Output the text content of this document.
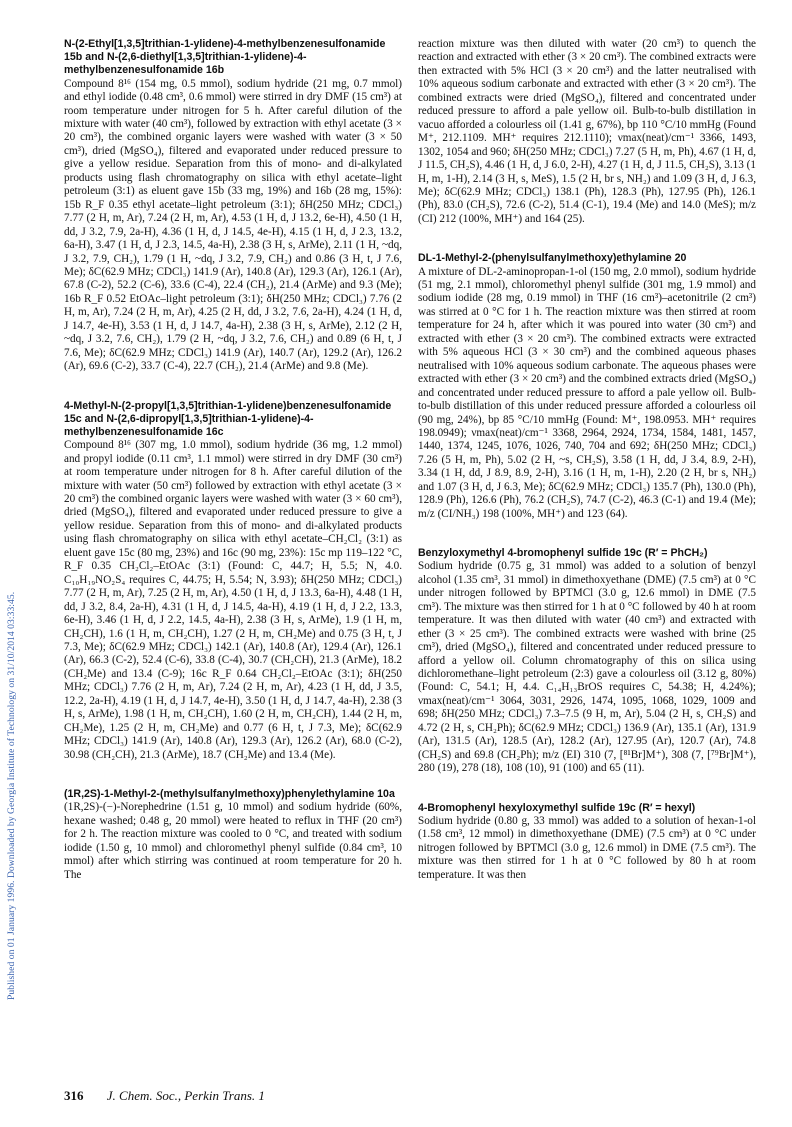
Published on 01 January 1996. Downloaded by Georgia Institute of Technology on 31/10/2014 03:33:45.

N-(2-Ethyl[1,3,5]trithian-1-ylidene)-4-methylbenzenesulfonamide 15b and N-(2,6-diethyl[1,3,5]trithian-1-ylidene)-4-methylbenzenesulfonamide 16b

Compound 8¹⁶ (154 mg, 0.5 mmol), sodium hydride (21 mg, 0.7 mmol) and ethyl iodide (0.48 cm³, 0.6 mmol) were stirred in dry DMF (15 cm³) at room temperature under nitrogen for 5 h. After careful dilution of the mixture with water (40 cm³), followed by extraction with ethyl acetate (3 × 20 cm³), the combined organic layers were washed with water (3 × 50 cm³), dried (MgSO₄), filtered and evaporated under reduced pressure to give a yellow residue. Separation from this of mono- and di-alkylated products using flash chromatography on silica with ethyl acetate–light petroleum (3:1) as eluent gave 15b (33 mg, 19%) and 16b (28 mg, 15%): 15b R_F 0.35 ethyl acetate–light petroleum (3:1); δH(250 MHz; CDCl₃) 7.77 (2 H, m, Ar), 7.24 (2 H, m, Ar), 4.53 (1 H, d, J 13.2, 6e-H), 4.50 (1 H, dd, J 3.2, 7.9, 2a-H), 4.36 (1 H, d, J 14.5, 4e-H), 4.15 (1 H, d, J 2.3, 13.2, 6a-H), 3.47 (1 H, d, J 2.3, 14.5, 4a-H), 2.38 (3 H, s, ArMe), 2.11 (1 H, ~dq, J 3.2, 7.9, CH₂), 1.79 (1 H, ~dq, J 3.2, 7.9, CH₂) and 0.86 (3 H, t, J 7.6, Me); δC(62.9 MHz; CDCl₃) 141.9 (Ar), 140.8 (Ar), 129.3 (Ar), 126.1 (Ar), 67.8 (C-2), 52.2 (C-6), 33.6 (C-4), 22.4 (CH₂), 21.4 (ArMe) and 9.3 (Me); 16b R_F 0.52 EtOAc–light petroleum (3:1); δH(250 MHz; CDCl₃) 7.76 (2 H, m, Ar), 7.24 (2 H, m, Ar), 4.25 (2 H, dd, J 3.2, 7.6, 2a-H), 4.24 (1 H, d, J 14.7, 4e-H), 3.53 (1 H, d, J 14.7, 4a-H), 2.38 (3 H, s, ArMe), 2.12 (2 H, ~dq, J 3.2, 7.6, CH₂), 1.79 (2 H, ~dq, J 3.2, 7.6, CH₂) and 0.89 (6 H, t, J 7.6, Me); δC(62.9 MHz; CDCl₃) 141.9 (Ar), 140.7 (Ar), 129.2 (Ar), 126.2 (Ar), 69.6 (C-2), 33.7 (C-4), 22.7 (CH₂), 21.4 (ArMe) and 9.8 (Me).

4-Methyl-N-(2-propyl[1,3,5]trithian-1-ylidene)benzenesulfonamide 15c and N-(2,6-dipropyl[1,3,5]trithian-1-ylidene)-4-methylbenzenesulfonamide 16c

Compound 8¹⁶ (307 mg, 1.0 mmol), sodium hydride (36 mg, 1.2 mmol) and propyl iodide (0.11 cm³, 1.1 mmol) were stirred in dry DMF (30 cm³) at room temperature under nitrogen for 8 h. After careful dilution of the mixture with water (50 cm³) followed by extraction with ethyl acetate (3 × 20 cm³) the combined organic layers were washed with water (3 × 60 cm³), dried (MgSO₄), filtered and evaporated under reduced pressure to give a yellow residue. Separation from this of mono- and di-alkylated products using flash chromatography on silica with ethyl acetate–CH₂Cl₂ (3:1) as eluent gave 15c (80 mg, 23%) and 16c (90 mg, 23%): 15c mp 119–122 °C, R_F 0.35 CH₂Cl₂–EtOAc (3:1) (Found: C, 44.7; H, 5.5; N, 4.0. C₁₀H₁₉NO₂S₄ requires C, 44.75; H, 5.54; N, 3.93); δH(250 MHz; CDCl₃) 7.77 (2 H, m, Ar), 7.25 (2 H, m, Ar), 4.50 (1 H, d, J 13.3, 6a-H), 4.48 (1 H, dd, J 3.2, 8.4, 2a-H), 4.31 (1 H, d, J 14.5, 4a-H), 4.19 (1 H, d, J 2.2, 13.3, 6e-H), 3.46 (1 H, d, J 2.2, 14.5, 4a-H), 2.38 (3 H, s, ArMe), 1.9 (1 H, m, CH₂CH), 1.6 (1 H, m, CH₂CH), 1.27 (2 H, m, CH₂Me) and 0.75 (3 H, t, J 7.3, Me); δC(62.9 MHz; CDCl₃) 142.1 (Ar), 140.8 (Ar), 129.4 (Ar), 126.1 (Ar), 66.3 (C-2), 52.4 (C-6), 33.8 (C-4), 30.7 (CH₂CH), 21.3 (ArMe), 18.2 (CH₂Me) and 13.4 (C-9); 16c R_F 0.64 CH₂Cl₂–EtOAc (3:1); δH(250 MHz; CDCl₃) 7.76 (2 H, m, Ar), 7.24 (2 H, m, Ar), 4.23 (1 H, dd, J 3.5, 12.2, 2a-H), 4.19 (1 H, d, J 14.7, 4e-H), 3.50 (1 H, d, J 14.7, 4a-H), 2.38 (3 H, s, ArMe), 1.98 (1 H, m, CH₂CH), 1.60 (2 H, m, CH₂CH), 1.44 (2 H, m, CH₂Me), 1.25 (2 H, m, CH₂Me) and 0.77 (6 H, t, J 7.3, Me); δC(62.9 MHz; CDCl₃) 141.9 (Ar), 140.8 (Ar), 129.3 (Ar), 126.2 (Ar), 68.0 (C-2), 30.98 (CH₂CH), 21.3 (ArMe), 18.7 (CH₂Me) and 13.4 (Me).

(1R,2S)-1-Methyl-2-(methylsulfanylmethoxy)phenylethylamine 10a

(1R,2S)-(−)-Norephedrine (1.51 g, 10 mmol) and sodium hydride (60%, hexane washed; 0.48 g, 20 mmol) were heated to reflux in THF (20 cm³) for 2 h. The reaction mixture was cooled to 0 °C, and treated with sodium iodide (1.50 g, 10 mmol) and chloromethyl phenyl sulfide (0.84 cm³, 10 mmol) after which stirring was continued at room temperature for 20 h. The

reaction mixture was then diluted with water (20 cm³) to quench the reaction and extracted with ether (3 × 20 cm³). The combined extracts were then extracted with 5% HCl (3 × 20 cm³) and the latter neutralised with 10% aqueous sodium carbonate and extracted with ether (3 × 20 cm³). The combined extracts were dried (MgSO₄), filtered and concentrated under reduced pressure to afford a pale yellow oil. Bulb-to-bulb distillation in vacuo afforded a colourless oil (1.41 g, 67%), bp 110 °C/10 mmHg (Found M⁺, 212.1109. MH⁺ requires 212.1110); νmax(neat)/cm⁻¹ 3366, 1493, 1302, 1054 and 960; δH(250 MHz; CDCl₃) 7.27 (5 H, m, Ph), 4.67 (1 H, d, J 11.5, CH₂S), 4.46 (1 H, d, J 6.0, 2-H), 4.27 (1 H, d, J 11.5, CH₂S), 3.13 (1 H, m, 1-H), 2.14 (3 H, s, MeS), 1.5 (2 H, br s, NH₂) and 1.09 (3 H, d, J 6.3, Me); δC(62.9 MHz; CDCl₃) 138.1 (Ph), 128.3 (Ph), 127.95 (Ph), 126.1 (Ph), 83.0 (CH₂S), 72.6 (C-2), 51.4 (C-1), 19.4 (Me) and 14.0 (MeS); m/z (CI) 212 (100%, MH⁺) and 164 (25).

DL-1-Methyl-2-(phenylsulfanylmethoxy)ethylamine 20

A mixture of DL-2-aminopropan-1-ol (150 mg, 2.0 mmol), sodium hydride (51 mg, 2.1 mmol), chloromethyl phenyl sulfide (301 mg, 1.9 mmol) and sodium iodide (28 mg, 0.19 mmol) in THF (16 cm³)–acetonitrile (2 cm³) was stirred at 0 °C for 1 h. The reaction mixture was then stirred at room temperature for 24 h, after which it was poured into water (30 cm³) and extracted with ether (3 × 20 cm³). The combined extracts were extracted with 5% aqueous HCl (3 × 30 cm³) and the combined aqueous phases neutralised with 10% aqueous sodium carbonate. The aqueous phases were extracted with ether (3 × 20 cm³) and the combined extracts dried (MgSO₄) and concentrated under reduced pressure to afford a pale yellow oil. Bulb-to-bulb distillation of this under reduced pressure afforded a colourless oil (90 mg, 24%), bp 85 °C/10 mmHg (Found: M⁺, 198.0953. MH⁺ requires 198.0949); νmax(neat)/cm⁻¹ 3368, 2964, 2924, 1734, 1584, 1481, 1457, 1440, 1374, 1245, 1076, 1026, 740, 704 and 692; δH(250 MHz; CDCl₃) 7.26 (5 H, m, Ph), 5.02 (2 H, ~s, CH₂S), 3.58 (1 H, dd, J 3.4, 8.9, 2-H), 3.34 (1 H, dd, J 8.9, 8.9, 2-H), 3.16 (1 H, m, 1-H), 2.20 (2 H, br s, NH₂) and 1.07 (3 H, d, J 6.3, Me); δC(62.9 MHz; CDCl₃) 135.7 (Ph), 130.0 (Ph), 128.9 (Ph), 126.6 (Ph), 76.2 (CH₂S), 74.7 (C-2), 46.3 (C-1) and 19.4 (Me); m/z (CI/NH₃) 198 (100%, MH⁺) and 123 (64).

Benzyloxymethyl 4-bromophenyl sulfide 19c (R′ = PhCH₂)

Sodium hydride (0.75 g, 31 mmol) was added to a solution of benzyl alcohol (1.35 cm³, 31 mmol) in dimethoxyethane (DME) (7.5 cm³) at 0 °C under nitrogen followed by BPTMCl (3.0 g, 12.6 mmol) in DME (7.5 cm³). The mixture was then stirred for 1 h at 0 °C followed by 40 h at room temperature. It was then diluted with water (40 cm³) and extracted with ether (3 × 25 cm³). The combined extracts were washed with brine (25 cm³), dried (MgSO₄), filtered and concentrated under reduced pressure to afford a yellow oil. Column chromatography of this on silica using dichloromethane–light petroleum (2:3) gave a colourless oil (3.12 g, 80%) (Found: C, 54.1; H, 4.4. C₁₄H₁₃BrOS requires C, 54.38; H, 4.24%); νmax(neat)/cm⁻¹ 3064, 3031, 2926, 1474, 1095, 1068, 1029, 1009 and 698; δH(250 MHz; CDCl₃) 7.3–7.5 (9 H, m, Ar), 5.04 (2 H, s, CH₂S) and 4.72 (2 H, s, CH₂Ph); δC(62.9 MHz; CDCl₃) 136.9 (Ar), 135.1 (Ar), 131.9 (Ar), 131.5 (Ar), 128.5 (Ar), 128.2 (Ar), 127.95 (Ar), 120.7 (Ar), 74.8 (CH₂S) and 69.8 (CH₂Ph); m/z (EI) 310 (7, [⁸¹Br]M⁺), 308 (7, [⁷⁹Br]M⁺), 280 (19), 278 (18), 108 (10), 91 (100) and 65 (11).

4-Bromophenyl hexyloxymethyl sulfide 19c (R′ = hexyl)

Sodium hydride (0.80 g, 33 mmol) was added to a solution of hexan-1-ol (1.58 cm³, 12 mmol) in dimethoxyethane (DME) (7.5 cm³) at 0 °C under nitrogen followed by BPTMCl (3.0 g, 12.6 mmol) in DME (7.5 cm³). The mixture was then stirred for 1 h at 0 °C followed by 80 h at room temperature. It was then

316 J. Chem. Soc., Perkin Trans. 1
